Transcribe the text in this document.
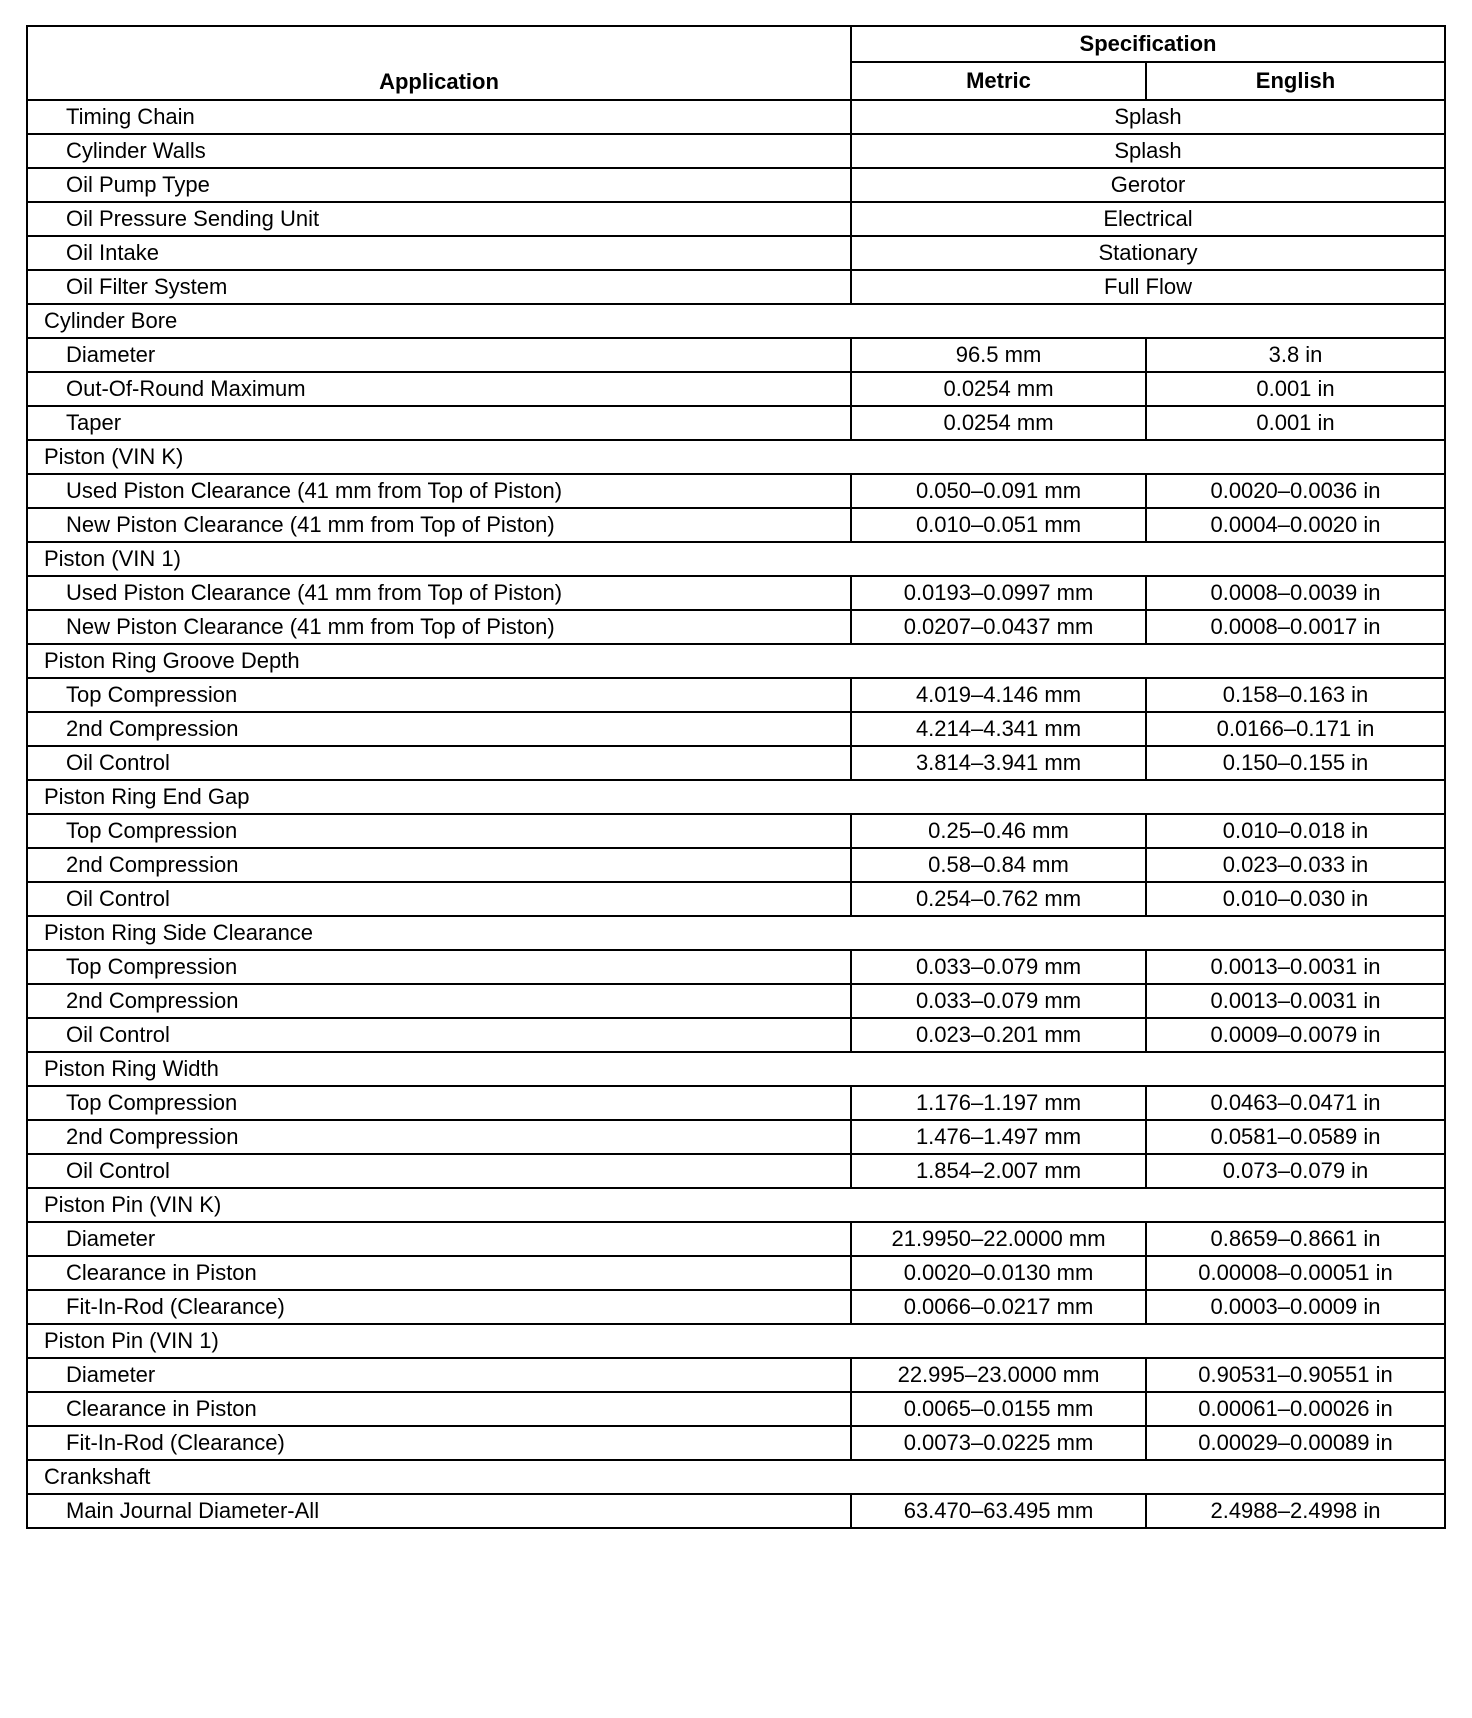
Application	Specification	
	Metric	English
Timing Chain	Splash	
Cylinder Walls	Splash	
Oil Pump Type	Gerotor	
Oil Pressure Sending Unit	Electrical	
Oil Intake	Stationary	
Oil Filter System	Full Flow	
Cylinder Bore		
Diameter	96.5 mm	3.8 in
Out-Of-Round Maximum	0.0254 mm	0.001 in
Taper	0.0254 mm	0.001 in
Piston (VIN K)		
Used Piston Clearance (41 mm from Top of Piston)	0.050–0.091 mm	0.0020–0.0036 in
New Piston Clearance (41 mm from Top of Piston)	0.010–0.051 mm	0.0004–0.0020 in
Piston (VIN 1)		
Used Piston Clearance (41 mm from Top of Piston)	0.0193–0.0997 mm	0.0008–0.0039 in
New Piston Clearance (41 mm from Top of Piston)	0.0207–0.0437 mm	0.0008–0.0017 in
Piston Ring Groove Depth		
Top Compression	4.019–4.146 mm	0.158–0.163 in
2nd Compression	4.214–4.341 mm	0.0166–0.171 in
Oil Control	3.814–3.941 mm	0.150–0.155 in
Piston Ring End Gap		
Top Compression	0.25–0.46 mm	0.010–0.018 in
2nd Compression	0.58–0.84 mm	0.023–0.033 in
Oil Control	0.254–0.762 mm	0.010–0.030 in
Piston Ring Side Clearance		
Top Compression	0.033–0.079 mm	0.0013–0.0031 in
2nd Compression	0.033–0.079 mm	0.0013–0.0031 in
Oil Control	0.023–0.201 mm	0.0009–0.0079 in
Piston Ring Width		
Top Compression	1.176–1.197 mm	0.0463–0.0471 in
2nd Compression	1.476–1.497 mm	0.0581–0.0589 in
Oil Control	1.854–2.007 mm	0.073–0.079 in
Piston Pin (VIN K)		
Diameter	21.9950–22.0000 mm	0.8659–0.8661 in
Clearance in Piston	0.0020–0.0130 mm	0.00008–0.00051 in
Fit-In-Rod (Clearance)	0.0066–0.0217 mm	0.0003–0.0009 in
Piston Pin (VIN 1)		
Diameter	22.995–23.0000 mm	0.90531–0.90551 in
Clearance in Piston	0.0065–0.0155 mm	0.00061–0.00026 in
Fit-In-Rod (Clearance)	0.0073–0.0225 mm	0.00029–0.00089 in
Crankshaft		
Main Journal Diameter-All	63.470–63.495 mm	2.4988–2.4998 in
